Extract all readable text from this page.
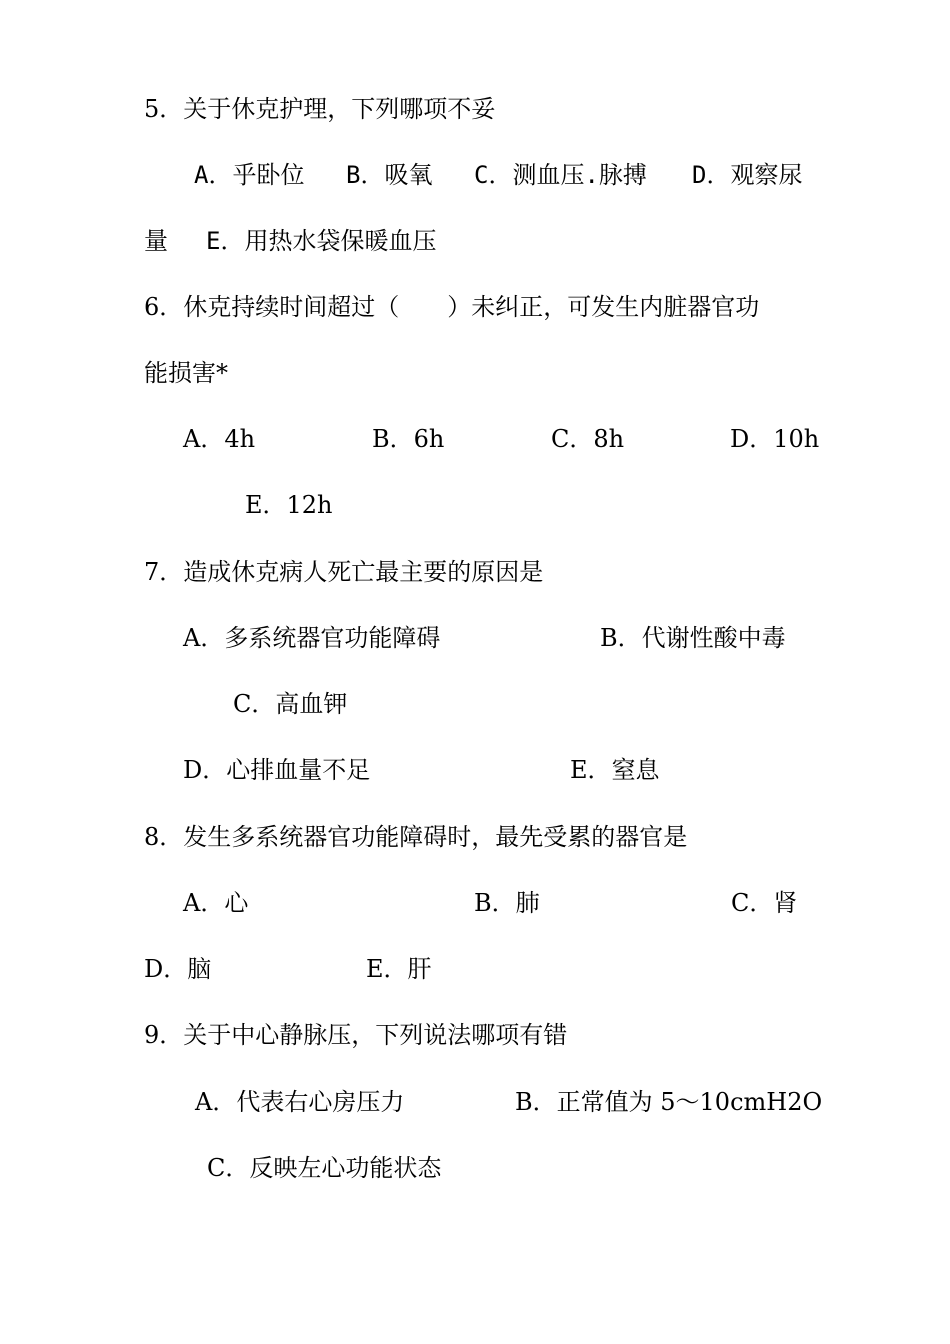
5．关于休克护理，下列哪项不妥
A．乎卧位 B．吸氧 C．测血压.脉搏 D．观察尿
量 E．用热水袋保暖血压
6．休克持续时间超过（　　）未纠正，可发生内脏器官功
能损害*
A．4h	B．6h	C．8h	D．10h
E．12h
7．造成休克病人死亡最主要的原因是
A．多系统器官功能障碍	B．代谢性酸中毒
C．高血钾
D．心排血量不足	E．窒息
8．发生多系统器官功能障碍时，最先受累的器官是
A．心	B．肺	C．肾
D．脑	E．肝
9．关于中心静脉压，下列说法哪项有错
A．代表右心房压力	B．正常值为 5～10cmH2O
C．反映左心功能状态
